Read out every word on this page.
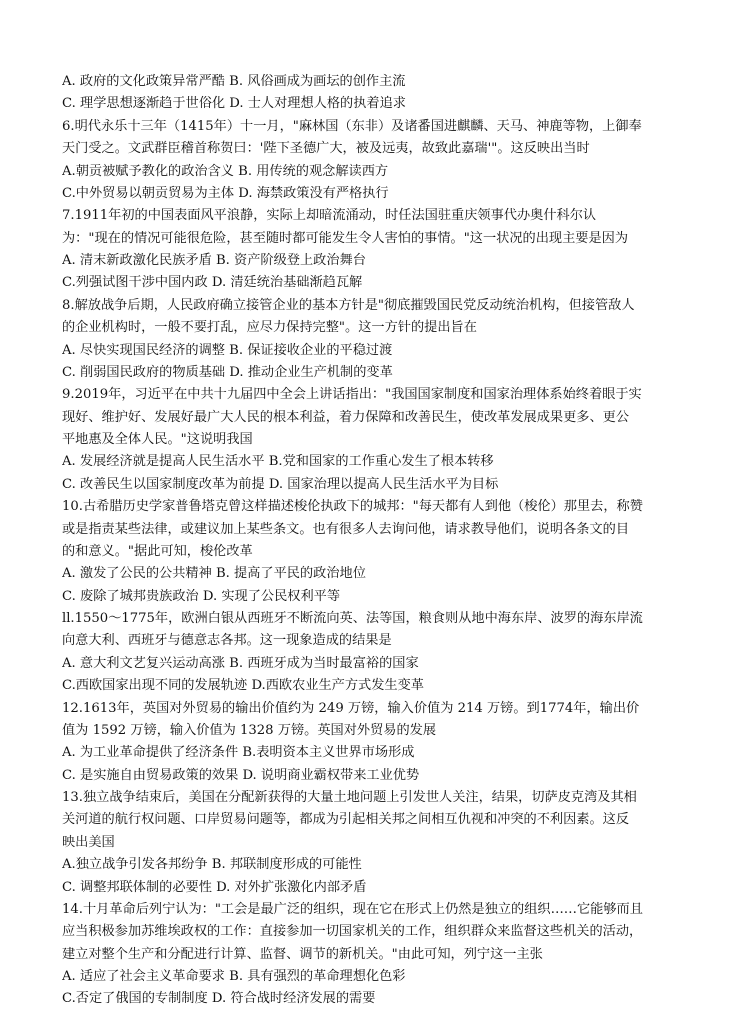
A. 政府的文化政策异常严酷 B. 风俗画成为画坛的创作主流
C. 理学思想逐渐趋于世俗化 D. 士人对理想人格的执着追求
6.明代永乐十三年（1415年）十一月，"麻林国（东非）及诸番国进麒麟、天马、神鹿等物，上御奉
天门受之。文武群臣稽首称贺曰：'陛下圣德广大，被及远夷，故致此嘉瑞'"。这反映出当时
A.朝贡被赋予教化的政治含义 B. 用传统的观念解读西方
C.中外贸易以朝贡贸易为主体 D. 海禁政策没有严格执行
7.1911年初的中国表面风平浪静，实际上却暗流涌动，时任法国驻重庆领事代办奥什科尔认
为："现在的情况可能很危险，甚至随时都可能发生令人害怕的事情。"这一状况的出现主要是因为
A. 清末新政激化民族矛盾 B. 资产阶级登上政治舞台
C.列强试图干涉中国内政 D. 清廷统治基础渐趋瓦解
8.解放战争后期，人民政府确立接管企业的基本方针是"彻底摧毁国民党反动统治机构，但接管敌人
的企业机构时，一般不要打乱，应尽力保持完整"。这一方针的提出旨在
A. 尽快实现国民经济的调整 B. 保证接收企业的平稳过渡
C. 削弱国民政府的物质基础 D. 推动企业生产机制的变革
9.2019年，习近平在中共十九届四中全会上讲话指出："我国国家制度和国家治理体系始终着眼于实
现好、维护好、发展好最广大人民的根本利益，着力保障和改善民生，使改革发展成果更多、更公
平地惠及全体人民。"这说明我国
A. 发展经济就是提高人民生活水平 B.党和国家的工作重心发生了根本转移
C. 改善民生以国家制度改革为前提 D. 国家治理以提高人民生活水平为目标
10.古希腊历史学家普鲁塔克曾这样描述梭伦执政下的城邦："每天都有人到他（梭伦）那里去，称赞
或是指责某些法律，或建议加上某些条文。也有很多人去询问他，请求教导他们，说明各条文的目
的和意义。"据此可知，梭伦改革
A. 激发了公民的公共精神 B. 提高了平民的政治地位
C. 废除了城邦贵族政治 D. 实现了公民权利平等
ll.1550～1775年，欧洲白银从西班牙不断流向英、法等国，粮食则从地中海东岸、波罗的海东岸流
向意大利、西班牙与德意志各邦。这一现象造成的结果是
A. 意大利文艺复兴运动高涨 B. 西班牙成为当时最富裕的国家
C.西欧国家出现不同的发展轨迹 D.西欧农业生产方式发生变革
12.1613年，英国对外贸易的输出价值约为 249 万镑，输入价值为 214 万镑。到1774年，输出价
值为 1592 万镑，输入价值为 1328 万镑。英国对外贸易的发展
A. 为工业革命提供了经济条件 B.表明资本主义世界市场形成
C. 是实施自由贸易政策的效果 D. 说明商业霸权带来工业优势
13.独立战争结束后，美国在分配新获得的大量土地问题上引发世人关注，结果，切萨皮克湾及其相
关河道的航行权问题、口岸贸易问题等，都成为引起相关邦之间相互仇视和冲突的不利因素。这反
映出美国
A.独立战争引发各邦纷争 B. 邦联制度形成的可能性
C. 调整邦联体制的必要性 D. 对外扩张激化内部矛盾
14.十月革命后列宁认为："工会是最广泛的组织，现在它在形式上仍然是独立的组织……它能够而且
应当积极参加苏维埃政权的工作：直接参加一切国家机关的工作，组织群众来监督这些机关的活动，
建立对整个生产和分配进行计算、监督、调节的新机关。"由此可知，列宁这一主张
A. 适应了社会主义革命要求 B. 具有强烈的革命理想化色彩
C.否定了俄国的专制制度 D. 符合战时经济发展的需要
